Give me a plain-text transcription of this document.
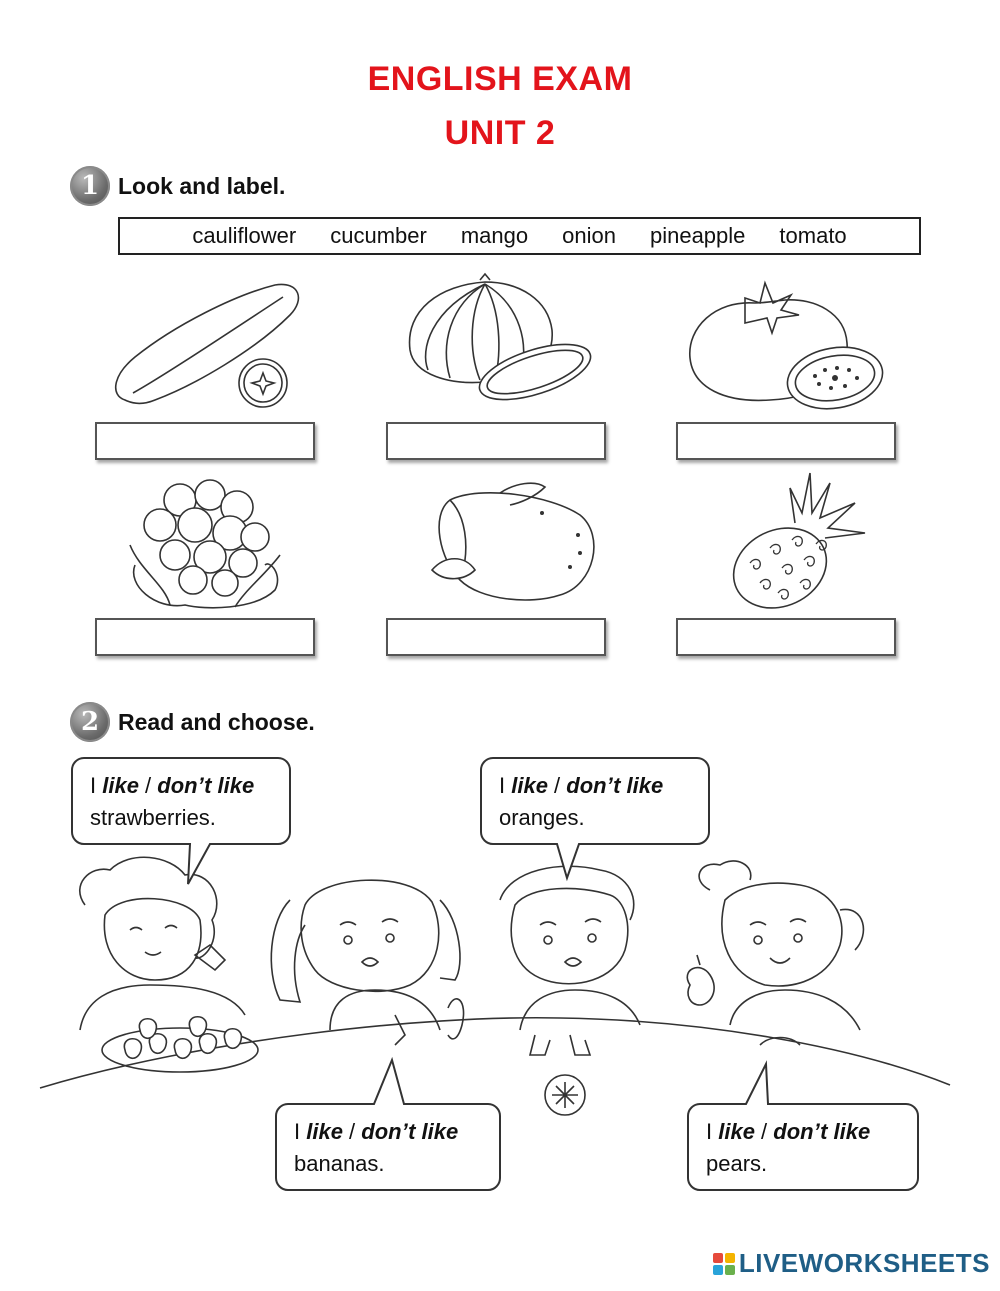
ENGLISH EXAM
UNIT 2
1 Look and label.
cauliflower cucumber mango onion pineapple tomato
2 Read and choose.
I like / don’t like
strawberries.
I like / don’t like
oranges.
I like / don’t like
bananas.
I like / don’t like
pears.
LIVEWORKSHEETS
